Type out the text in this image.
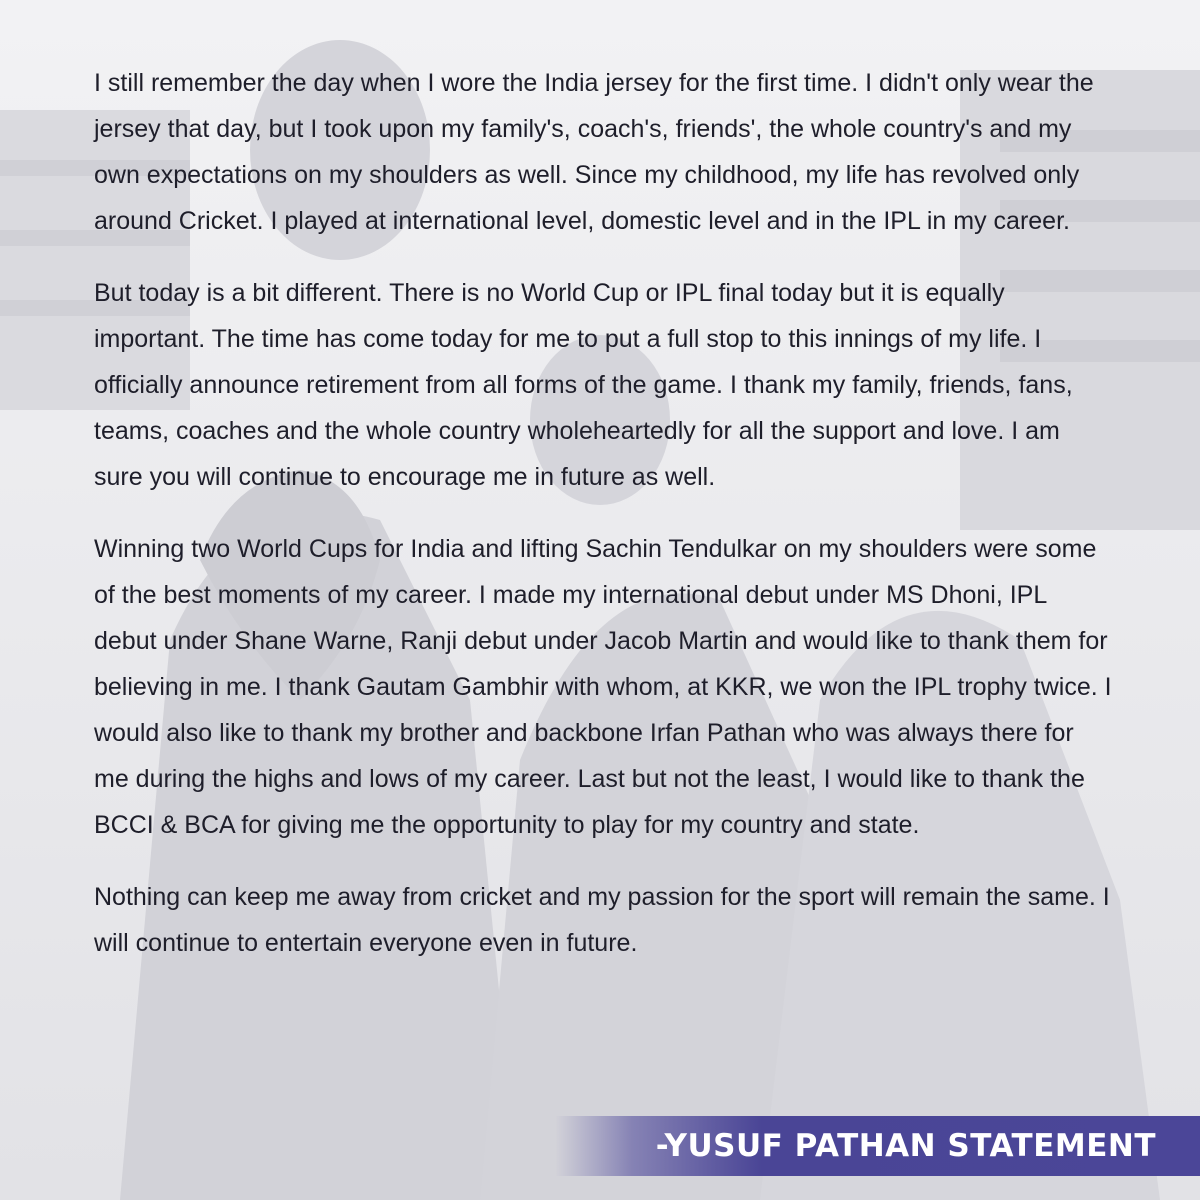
I still remember the day when I wore the India jersey for the first time. I didn't only wear the jersey that day, but I took upon my family's, coach's, friends', the whole country's and my own expectations on my shoulders as well. Since my childhood, my life has revolved only around Cricket. I played at international level, domestic level and in the IPL in my career.

But today is a bit different. There is no World Cup or IPL final today but it is equally important. The time has come today for me to put a full stop to this innings of my life. I officially announce retirement from all forms of the game. I thank my family, friends, fans, teams, coaches and the whole country wholeheartedly for all the support and love. I am sure you will continue to encourage me in future as well.

Winning two World Cups for India and lifting Sachin Tendulkar on my shoulders were some of the best moments of my career. I made my international debut under MS Dhoni, IPL debut under Shane Warne, Ranji debut under Jacob Martin and would like to thank them for believing in me. I thank Gautam Gambhir with whom, at KKR, we won the IPL trophy twice. I would also like to thank my brother and backbone Irfan Pathan who was always there for me during the highs and lows of my career. Last but not the least, I would like to thank the BCCI & BCA for giving me the opportunity to play for my country and state.

Nothing can keep me away from cricket and my passion for the sport will remain the same. I will continue to entertain everyone even in future.

-YUSUF PATHAN STATEMENT
